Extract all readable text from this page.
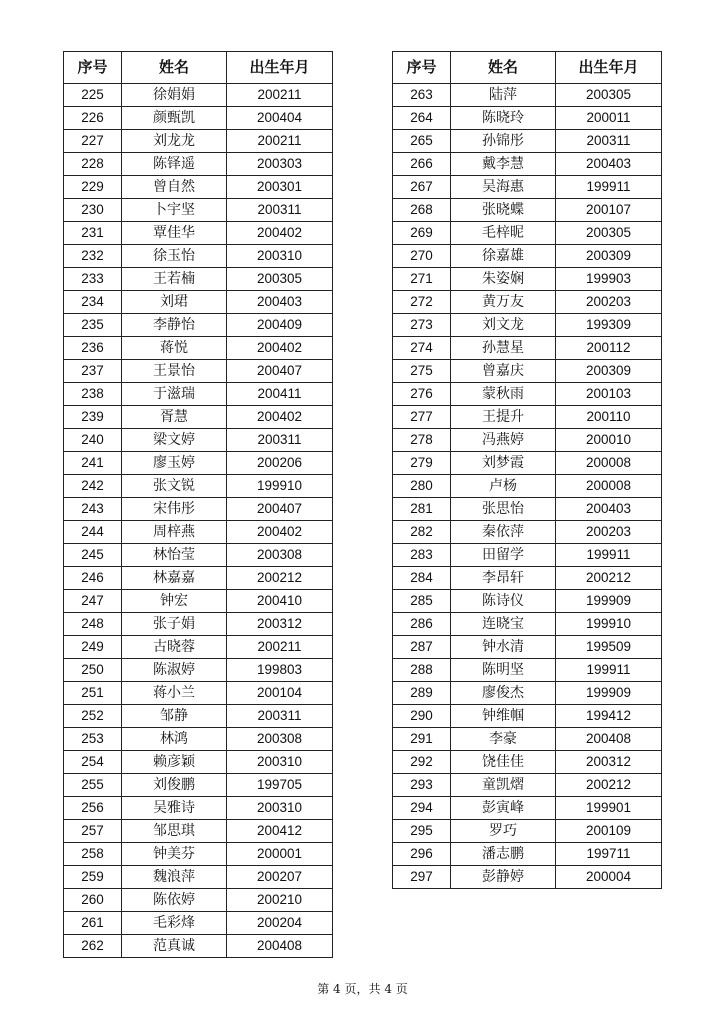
序号	姓名	出生年月
225	徐娟娟	200211
226	颜甄凯	200404
227	刘龙龙	200211
228	陈铎遥	200303
229	曾自然	200301
230	卜宇坚	200311
231	覃佳华	200402
232	徐玉怡	200310
233	王若楠	200305
234	刘珺	200403
235	李静怡	200409
236	蒋悦	200402
237	王景怡	200407
238	于滋瑞	200411
239	胥慧	200402
240	梁文婷	200311
241	廖玉婷	200206
242	张文锐	199910
243	宋伟彤	200407
244	周梓燕	200402
245	林怡莹	200308
246	林嘉嘉	200212
247	钟宏	200410
248	张子娟	200312
249	古晓蓉	200211
250	陈淑婷	199803
251	蒋小兰	200104
252	邹静	200311
253	林鸿	200308
254	赖彦颖	200310
255	刘俊鹏	199705
256	吴雅诗	200310
257	邹思琪	200412
258	钟美芬	200001
259	魏浪萍	200207
260	陈依婷	200210
261	毛彩烽	200204
262	范真诚	200408
序号	姓名	出生年月
263	陆萍	200305
264	陈晓玲	200011
265	孙锦彤	200311
266	戴李慧	200403
267	吴海惠	199911
268	张晓蝶	200107
269	毛梓昵	200305
270	徐嘉雄	200309
271	朱姿娴	199903
272	黄万友	200203
273	刘文龙	199309
274	孙慧星	200112
275	曾嘉庆	200309
276	蒙秋雨	200103
277	王提升	200110
278	冯燕婷	200010
279	刘梦霞	200008
280	卢杨	200008
281	张思怡	200403
282	秦依萍	200203
283	田留学	199911
284	李昂轩	200212
285	陈诗仪	199909
286	连晓宝	199910
287	钟水清	199509
288	陈明坚	199911
289	廖俊杰	199909
290	钟维帼	199412
291	李豪	200408
292	饶佳佳	200312
293	童凯熠	200212
294	彭寅峰	199901
295	罗巧	200109
296	潘志鹏	199711
297	彭静婷	200004
第 4 页，共 4 页
